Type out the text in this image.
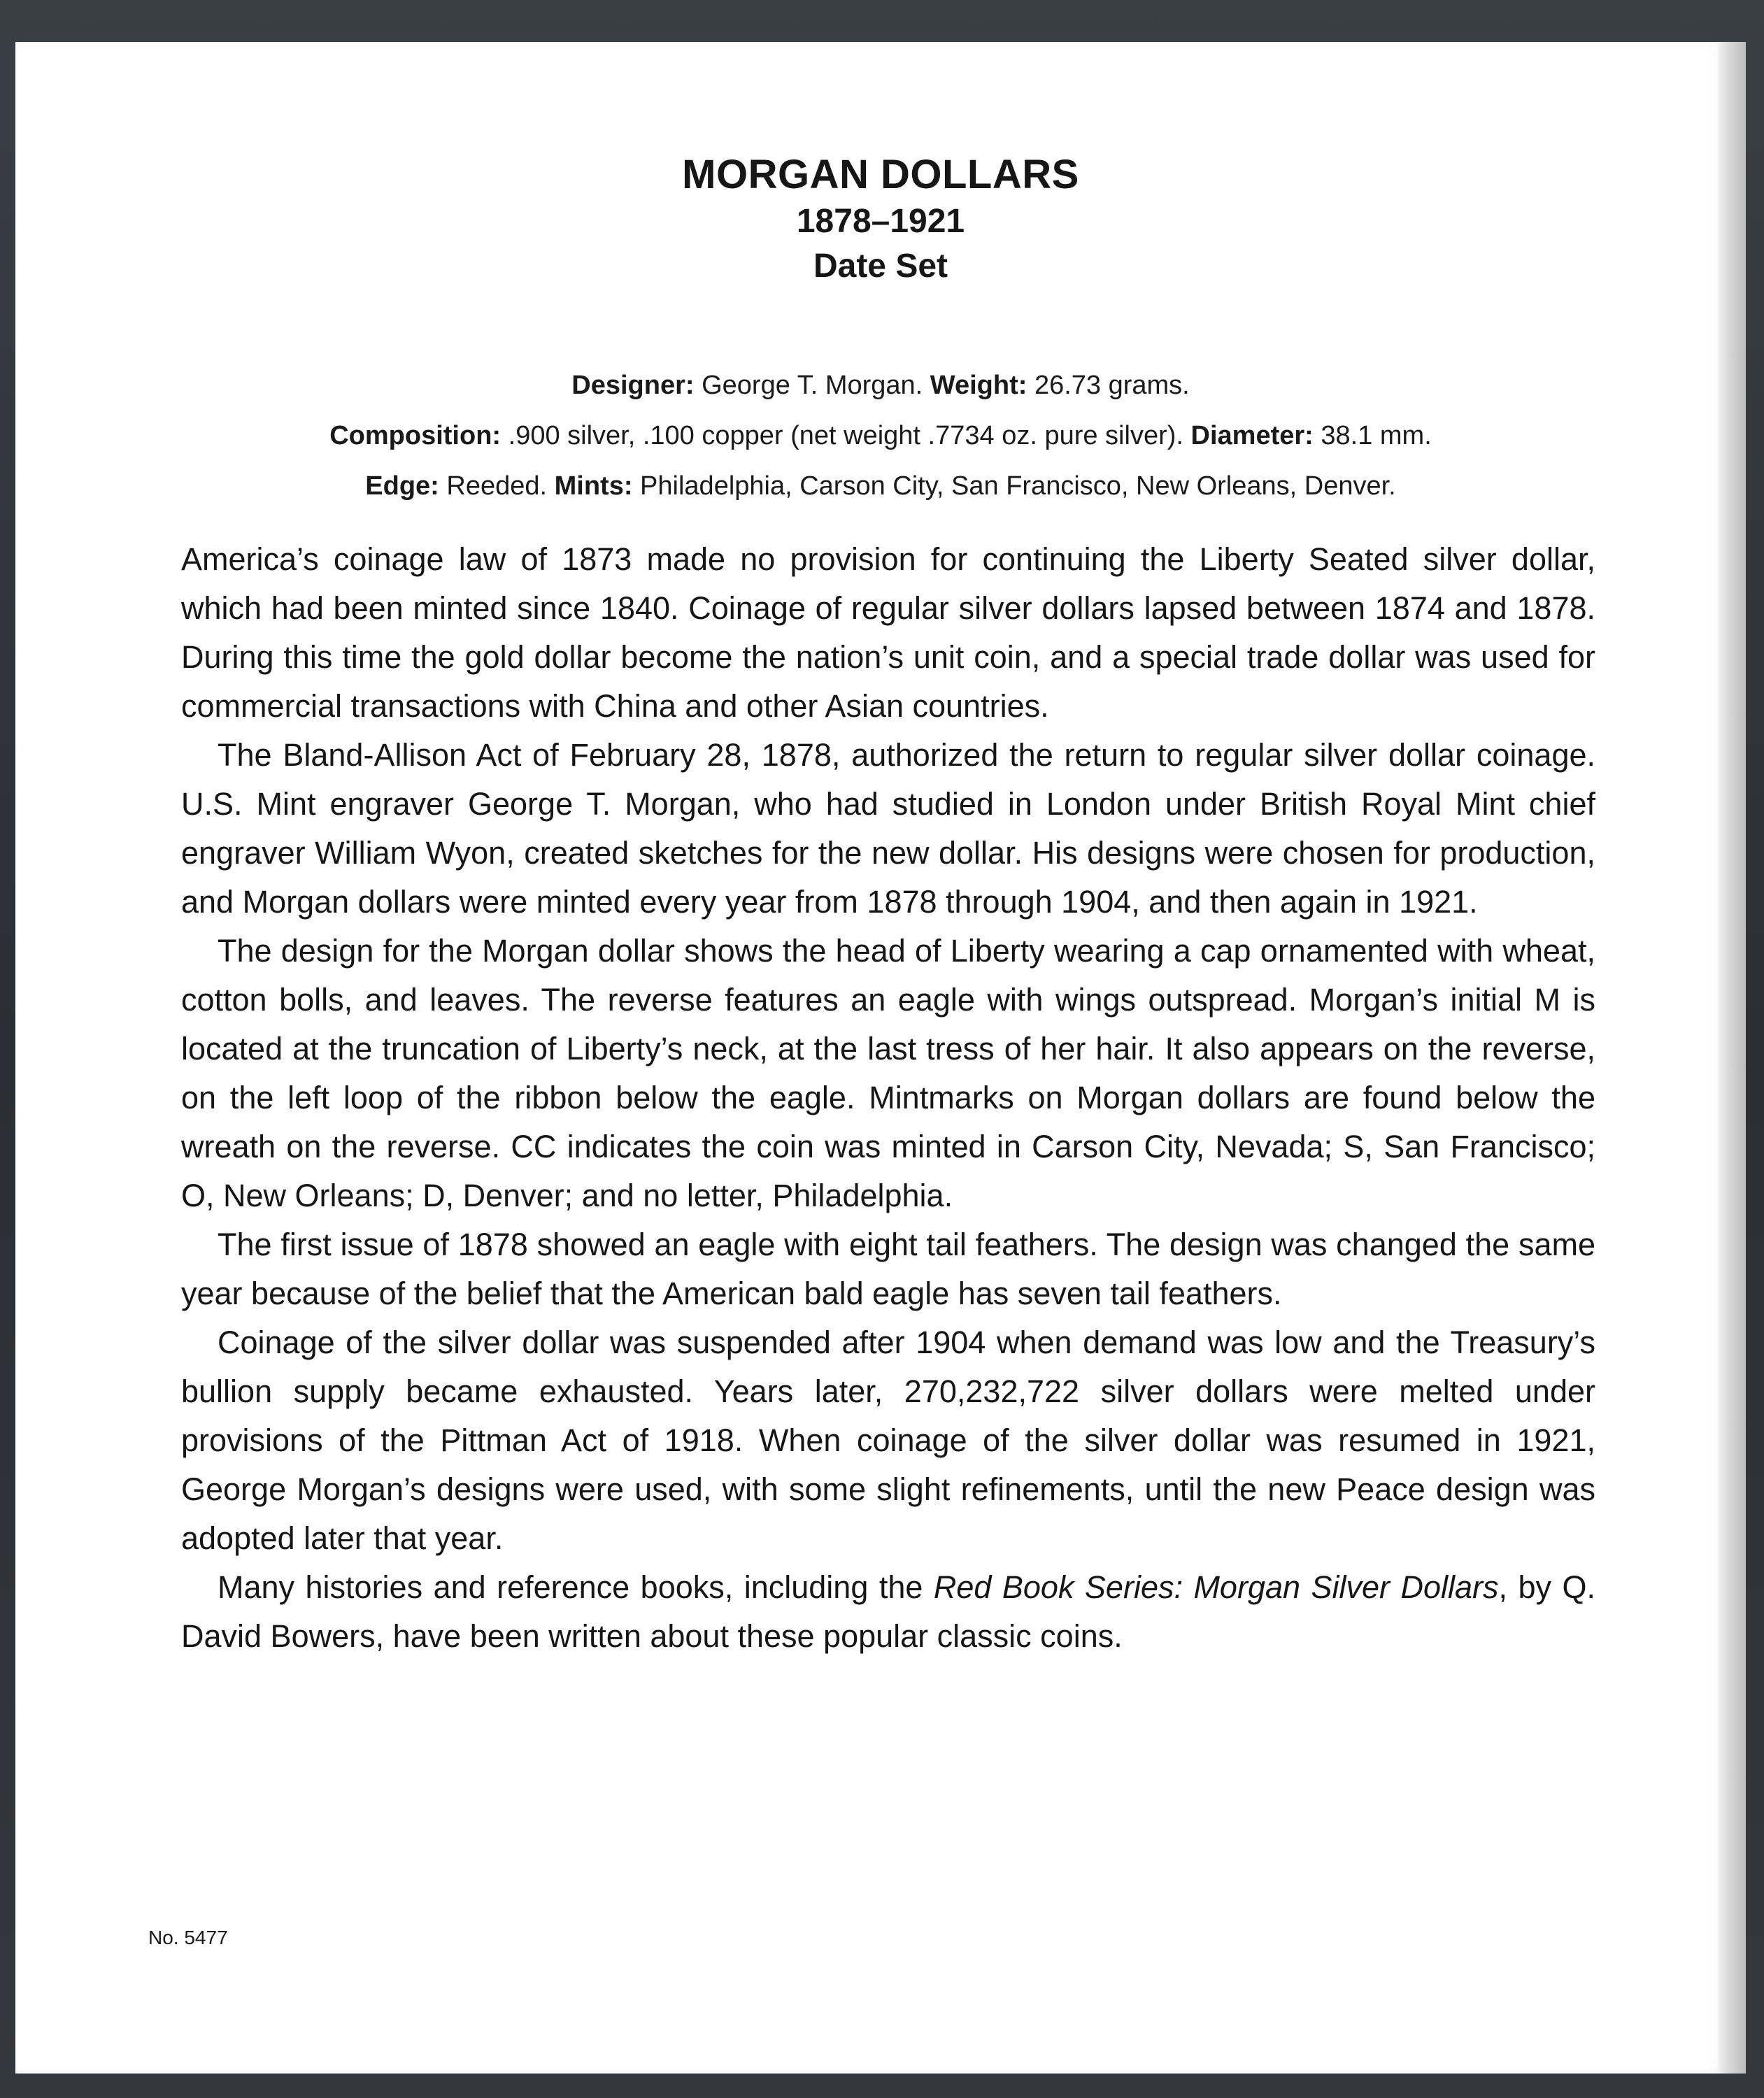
MORGAN DOLLARS
1878–1921
Date Set
Designer: George T. Morgan. Weight: 26.73 grams.
Composition: .900 silver, .100 copper (net weight .7734 oz. pure silver). Diameter: 38.1 mm.
Edge: Reeded. Mints: Philadelphia, Carson City, San Francisco, New Orleans, Denver.

America’s coinage law of 1873 made no provision for continuing the Liberty Seated silver dollar, which had been minted since 1840. Coinage of regular silver dollars lapsed between 1874 and 1878. During this time the gold dollar become the nation’s unit coin, and a special trade dollar was used for commercial transactions with China and other Asian countries.

The Bland-Allison Act of February 28, 1878, authorized the return to regular silver dollar coinage. U.S. Mint engraver George T. Morgan, who had studied in London under British Royal Mint chief engraver William Wyon, created sketches for the new dollar. His designs were chosen for production, and Morgan dollars were minted every year from 1878 through 1904, and then again in 1921.

The design for the Morgan dollar shows the head of Liberty wearing a cap ornamented with wheat, cotton bolls, and leaves. The reverse features an eagle with wings outspread. Morgan’s initial M is located at the truncation of Liberty’s neck, at the last tress of her hair. It also appears on the reverse, on the left loop of the ribbon below the eagle. Mintmarks on Morgan dollars are found below the wreath on the reverse. CC indicates the coin was minted in Carson City, Nevada; S, San Francisco; O, New Orleans; D, Denver; and no letter, Philadelphia.

The first issue of 1878 showed an eagle with eight tail feathers. The design was changed the same year because of the belief that the American bald eagle has seven tail feathers.

Coinage of the silver dollar was suspended after 1904 when demand was low and the Treasury’s bullion supply became exhausted. Years later, 270,232,722 silver dollars were melted under provisions of the Pittman Act of 1918. When coinage of the silver dollar was resumed in 1921, George Morgan’s designs were used, with some slight refinements, until the new Peace design was adopted later that year.

Many histories and reference books, including the Red Book Series: Morgan Silver Dollars, by Q. David Bowers, have been written about these popular classic coins.

No. 5477
